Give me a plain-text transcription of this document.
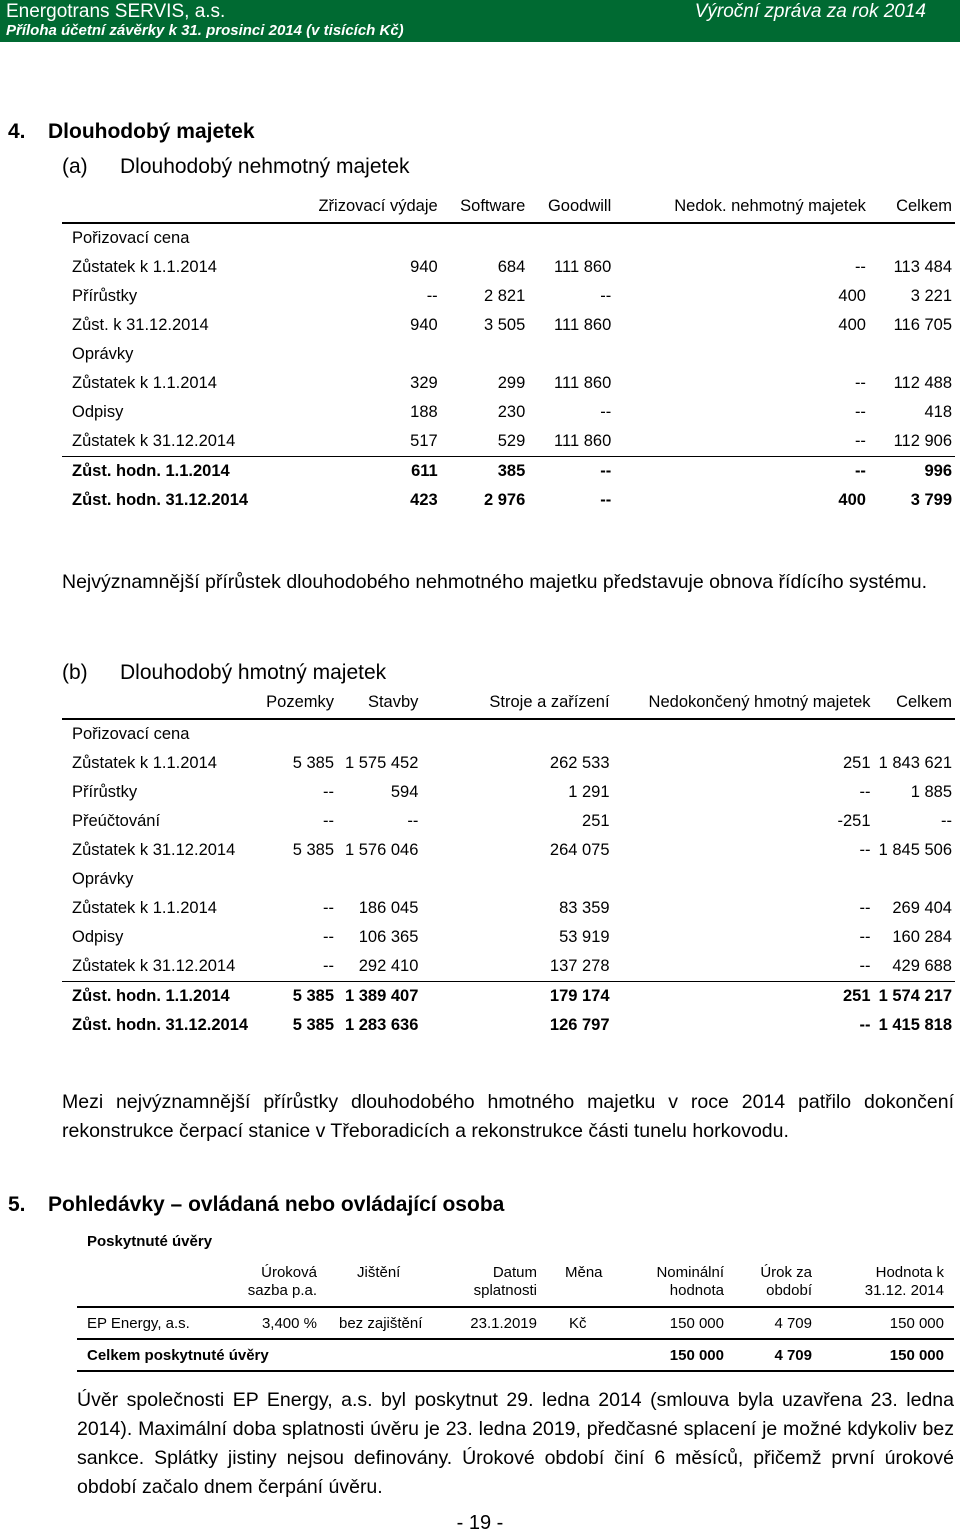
Energotrans SERVIS, a.s.	Výroční zpráva za rok 2014
Příloha účetní závěrky k 31. prosinci 2014 (v tisících Kč)
4. Dlouhodobý majetek
(a) Dlouhodobý nehmotný majetek
	Zřizovací výdaje	Software	Goodwill	Nedok. nehmotný majetek	Celkem
Pořizovací cena					
Zůstatek k 1.1.2014	940	684	111 860	--	113 484
Přírůstky	--	2 821	--	400	3 221
Zůst. k 31.12.2014	940	3 505	111 860	400	116 705
Oprávky					
Zůstatek k 1.1.2014	329	299	111 860	--	112 488
Odpisy	188	230	--	--	418
Zůstatek k 31.12.2014	517	529	111 860	--	112 906
Zůst. hodn. 1.1.2014	611	385	--	--	996
Zůst. hodn. 31.12.2014	423	2 976	--	400	3 799
Nejvýznamnější přírůstek dlouhodobého nehmotného majetku představuje obnova řídícího systému.
(b) Dlouhodobý hmotný majetek
	Pozemky	Stavby	Stroje a zařízení	Nedokončený hmotný majetek	Celkem
Pořizovací cena					
Zůstatek k 1.1.2014	5 385	1 575 452	262 533	251	1 843 621
Přírůstky	--	594	1 291	--	1 885
Přeúčtování	--	--	251	-251	--
Zůstatek k 31.12.2014	5 385	1 576 046	264 075	--	1 845 506
Oprávky					
Zůstatek k 1.1.2014	--	186 045	83 359	--	269 404
Odpisy	--	106 365	53 919	--	160 284
Zůstatek k 31.12.2014	--	292 410	137 278	--	429 688
Zůst. hodn. 1.1.2014	5 385	1 389 407	179 174	251	1 574 217
Zůst. hodn. 31.12.2014	5 385	1 283 636	126 797	--	1 415 818
Mezi nejvýznamnější přírůstky dlouhodobého hmotného majetku v roce 2014 patřilo dokončení rekonstrukce čerpací stanice v Třeboradicích a rekonstrukce části tunelu horkovodu.
5. Pohledávky – ovládaná nebo ovládající osoba
Poskytnuté úvěry
	Úroková sazba p.a.	Jištění	Datum splatnosti	Měna	Nominální hodnota	Úrok za období	Hodnota k 31.12. 2014
EP Energy, a.s.	3,400 %	bez zajištění	23.1.2019	Kč	150 000	4 709	150 000
Celkem poskytnuté úvěry					150 000	4 709	150 000
Úvěr společnosti EP Energy, a.s. byl poskytnut 29. ledna 2014 (smlouva byla uzavřena 23. ledna 2014). Maximální doba splatnosti úvěru je 23. ledna 2019, předčasné splacení je možné kdykoliv bez sankce. Splátky jistiny nejsou definovány. Úrokové období činí 6 měsíců, přičemž první úrokové období začalo dnem čerpání úvěru.
- 19 -
